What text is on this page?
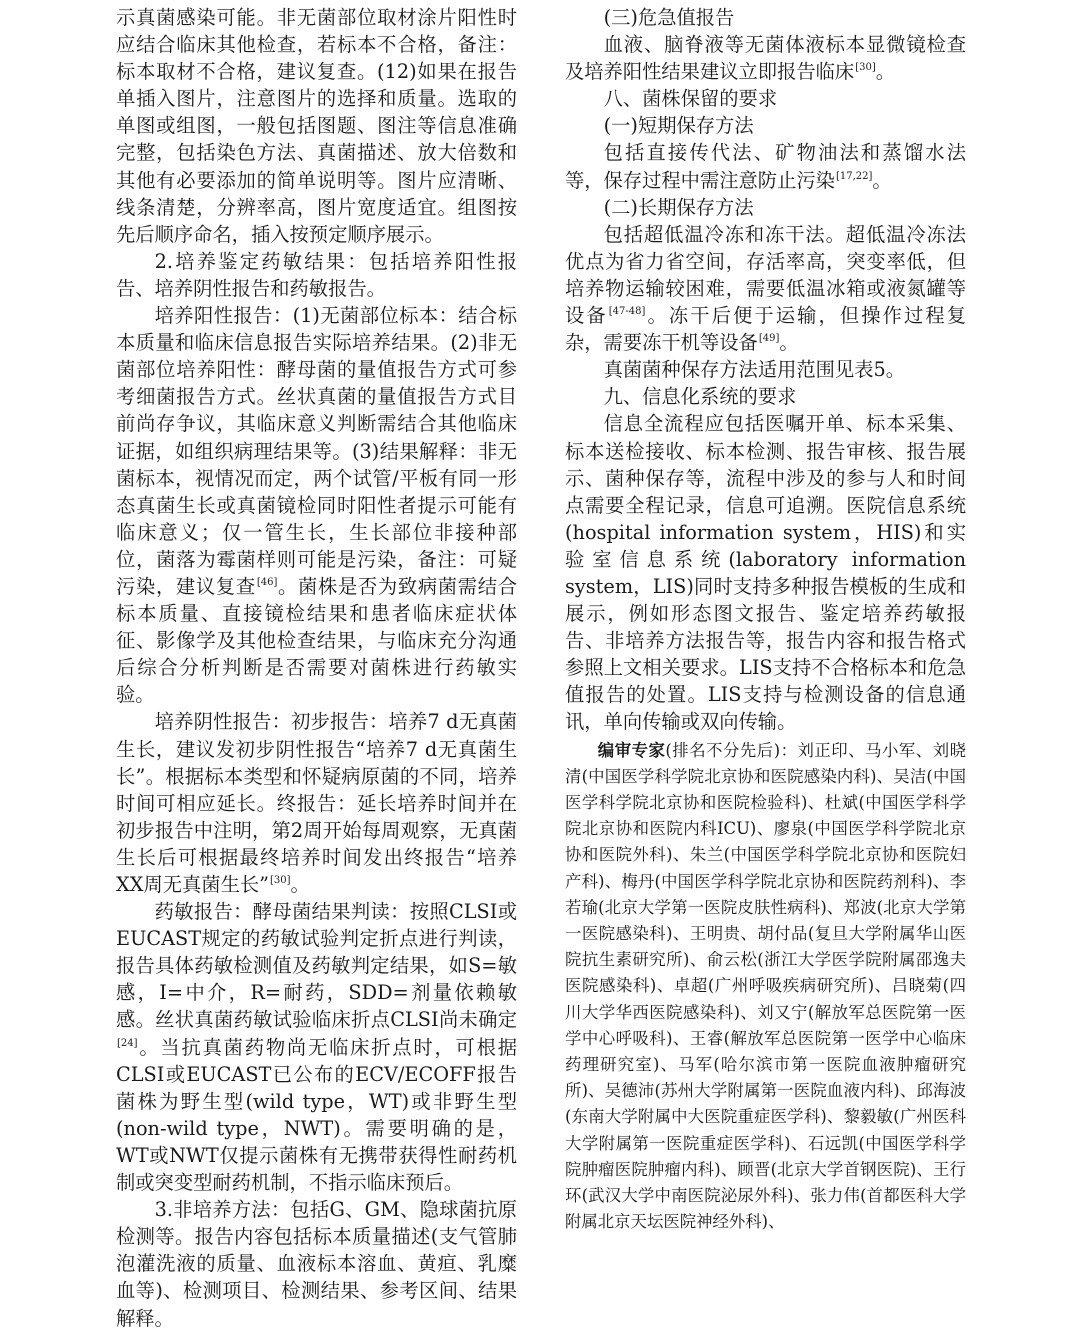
示真菌感染可能。非无菌部位取材涂片阳性时应结合临床其他检查，若标本不合格，备注：标本取材不合格，建议复查。(12)如果在报告单插入图片，注意图片的选择和质量。选取的单图或组图，一般包括图题、图注等信息准确完整，包括染色方法、真菌描述、放大倍数和其他有必要添加的简单说明等。图片应清晰、线条清楚，分辨率高，图片宽度适宜。组图按先后顺序命名，插入按预定顺序展示。

2.培养鉴定药敏结果：包括培养阳性报告、培养阴性报告和药敏报告。

培养阳性报告：(1)无菌部位标本：结合标本质量和临床信息报告实际培养结果。(2)非无菌部位培养阳性：酵母菌的量值报告方式可参考细菌报告方式。丝状真菌的量值报告方式目前尚存争议，其临床意义判断需结合其他临床证据，如组织病理结果等。(3)结果解释：非无菌标本，视情况而定，两个试管/平板有同一形态真菌生长或真菌镜检同时阳性者提示可能有临床意义；仅一管生长，生长部位非接种部位，菌落为霉菌样则可能是污染，备注：可疑污染，建议复查[46]。菌株是否为致病菌需结合标本质量、直接镜检结果和患者临床症状体征、影像学及其他检查结果，与临床充分沟通后综合分析判断是否需要对菌株进行药敏实验。

培养阴性报告：初步报告：培养7 d无真菌生长，建议发初步阴性报告“培养7 d无真菌生长”。根据标本类型和怀疑病原菌的不同，培养时间可相应延长。终报告：延长培养时间并在初步报告中注明，第2周开始每周观察，无真菌生长后可根据最终培养时间发出终报告“培养XX周无真菌生长”[30]。

药敏报告：酵母菌结果判读：按照CLSI或EUCAST规定的药敏试验判定折点进行判读，报告具体药敏检测值及药敏判定结果，如S=敏感，I=中介，R=耐药，SDD=剂量依赖敏感。丝状真菌药敏试验临床折点CLSI尚未确定[24]。当抗真菌药物尚无临床折点时，可根据CLSI或EUCAST已公布的ECV/ECOFF报告菌株为野生型(wild type，WT)或非野生型(non-wild type，NWT)。需要明确的是，WT或NWT仅提示菌株有无携带获得性耐药机制或突变型耐药机制，不指示临床预后。

3.非培养方法：包括G、GM、隐球菌抗原检测等。报告内容包括标本质量描述(支气管肺泡灌洗液的质量、血液标本溶血、黄疸、乳糜血等)、检测项目、检测结果、参考区间、结果解释。

(三)危急值报告

血液、脑脊液等无菌体液标本显微镜检查及培养阳性结果建议立即报告临床[30]。

八、菌株保留的要求

(一)短期保存方法

包括直接传代法、矿物油法和蒸馏水法等，保存过程中需注意防止污染[17,22]。

(二)长期保存方法

包括超低温冷冻和冻干法。超低温冷冻法优点为省力省空间，存活率高，突变率低，但培养物运输较困难，需要低温冰箱或液氮罐等设备[47-48]。冻干后便于运输，但操作过程复杂，需要冻干机等设备[49]。

真菌菌种保存方法适用范围见表5。

九、信息化系统的要求

信息全流程应包括医嘱开单、标本采集、标本送检接收、标本检测、报告审核、报告展示、菌种保存等，流程中涉及的参与人和时间点需要全程记录，信息可追溯。医院信息系统(hospital information system，HIS)和实验室信息系统(laboratory information system，LIS)同时支持多种报告模板的生成和展示，例如形态图文报告、鉴定培养药敏报告、非培养方法报告等，报告内容和报告格式参照上文相关要求。LIS支持不合格标本和危急值报告的处置。LIS支持与检测设备的信息通讯，单向传输或双向传输。

编审专家(排名不分先后)：刘正印、马小军、刘晓清(中国医学科学院北京协和医院感染内科)、吴洁(中国医学科学院北京协和医院检验科)、杜斌(中国医学科学院北京协和医院内科ICU)、廖泉(中国医学科学院北京协和医院外科)、朱兰(中国医学科学院北京协和医院妇产科)、梅丹(中国医学科学院北京协和医院药剂科)、李若瑜(北京大学第一医院皮肤性病科)、郑波(北京大学第一医院感染科)、王明贵、胡付品(复旦大学附属华山医院抗生素研究所)、俞云松(浙江大学医学院附属邵逸夫医院感染科)、卓超(广州呼吸疾病研究所)、吕晓菊(四川大学华西医院感染科)、刘又宁(解放军总医院第一医学中心呼吸科)、王睿(解放军总医院第一医学中心临床药理研究室)、马军(哈尔滨市第一医院血液肿瘤研究所)、吴德沛(苏州大学附属第一医院血液内科)、邱海波(东南大学附属中大医院重症医学科)、黎毅敏(广州医科大学附属第一医院重症医学科)、石远凯(中国医学科学院肿瘤医院肿瘤内科)、顾晋(北京大学首钢医院)、王行环(武汉大学中南医院泌尿外科)、张力伟(首都医科大学附属北京天坛医院神经外科)、
